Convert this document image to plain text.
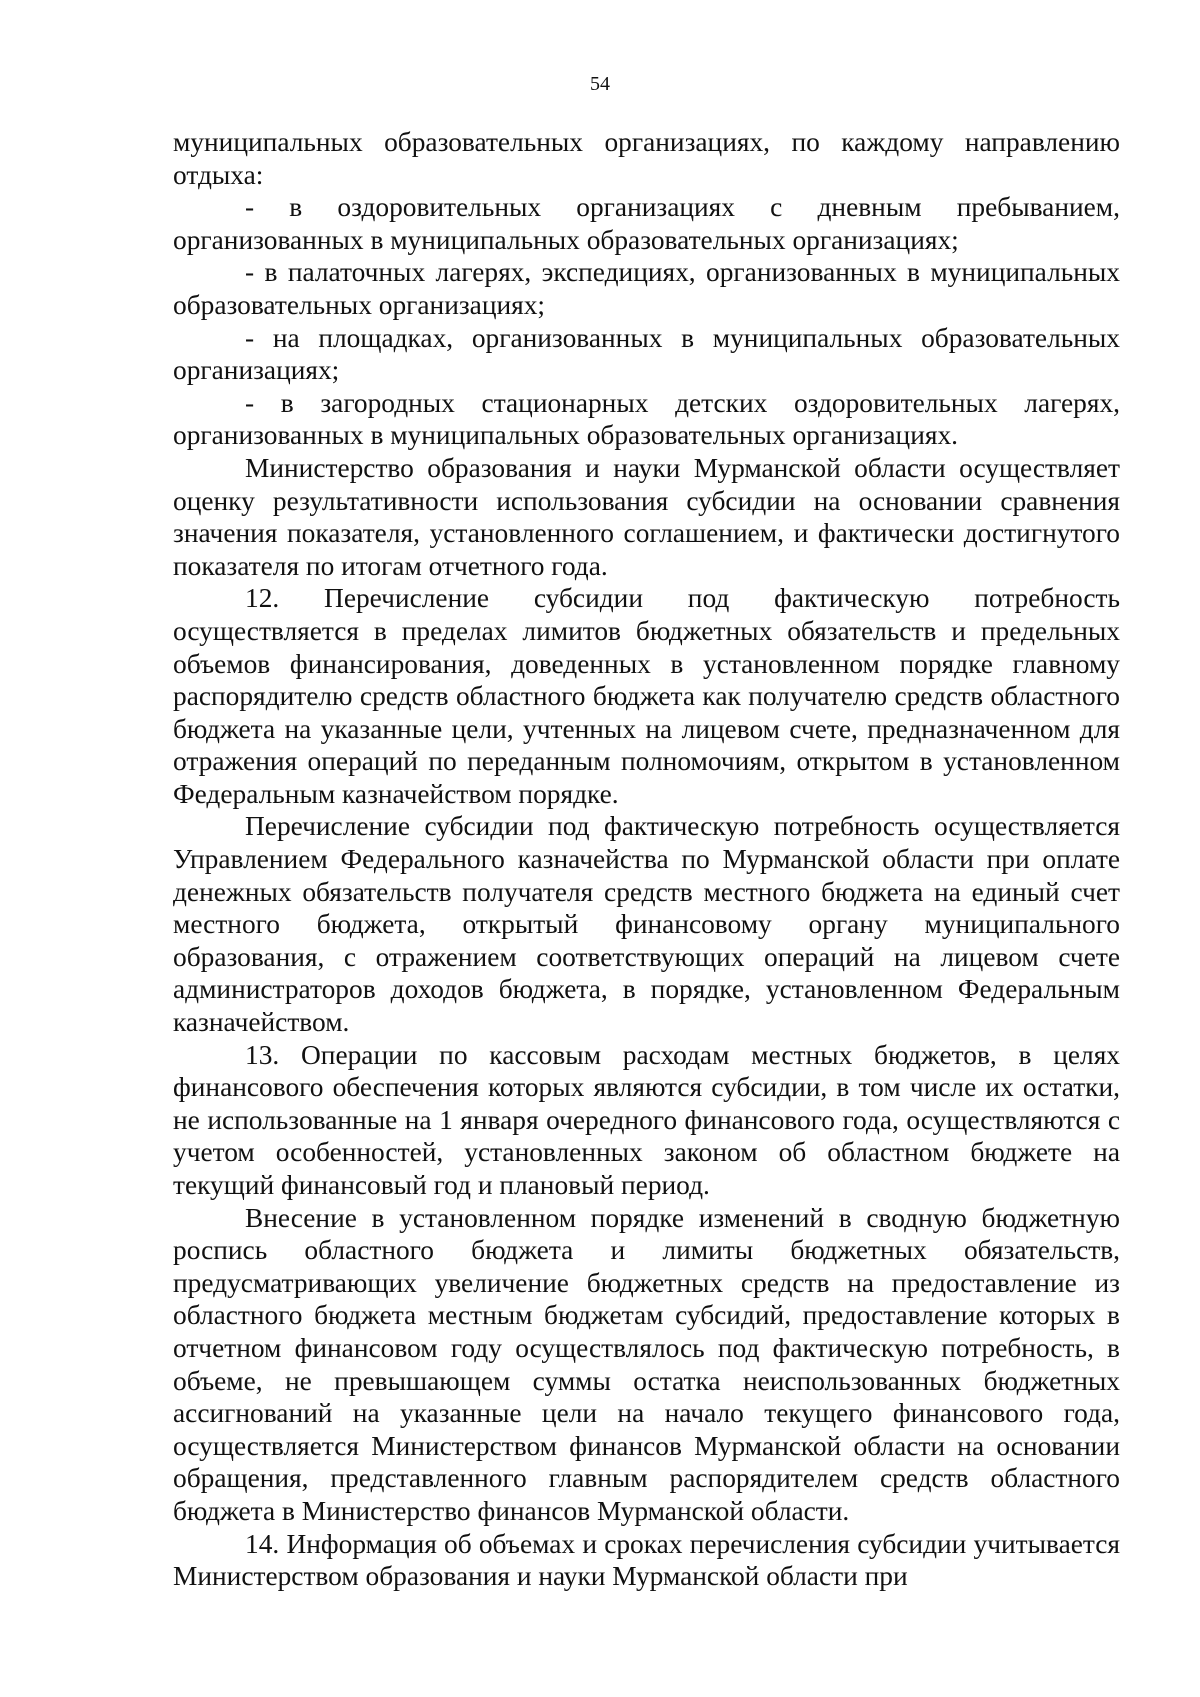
54

муниципальных образовательных организациях, по каждому направлению отдыха:

- в оздоровительных организациях с дневным пребыванием, организованных в муниципальных образовательных организациях;

- в палаточных лагерях, экспедициях, организованных в муниципальных образовательных организациях;

- на площадках, организованных в муниципальных образовательных организациях;

- в загородных стационарных детских оздоровительных лагерях, организованных в муниципальных образовательных организациях.

Министерство образования и науки Мурманской области осуществляет оценку результативности использования субсидии на основании сравнения значения показателя, установленного соглашением, и фактически достигнутого показателя по итогам отчетного года.

12. Перечисление субсидии под фактическую потребность осуществляется в пределах лимитов бюджетных обязательств и предельных объемов финансирования, доведенных в установленном порядке главному распорядителю средств областного бюджета как получателю средств областного бюджета на указанные цели, учтенных на лицевом счете, предназначенном для отражения операций по переданным полномочиям, открытом в установленном Федеральным казначейством порядке.

Перечисление субсидии под фактическую потребность осуществляется Управлением Федерального казначейства по Мурманской области при оплате денежных обязательств получателя средств местного бюджета на единый счет местного бюджета, открытый финансовому органу муниципального образования, с отражением соответствующих операций на лицевом счете администраторов доходов бюджета, в порядке, установленном Федеральным казначейством.

13. Операции по кассовым расходам местных бюджетов, в целях финансового обеспечения которых являются субсидии, в том числе их остатки, не использованные на 1 января очередного финансового года, осуществляются с учетом особенностей, установленных законом об областном бюджете на текущий финансовый год и плановый период.

Внесение в установленном порядке изменений в сводную бюджетную роспись областного бюджета и лимиты бюджетных обязательств, предусматривающих увеличение бюджетных средств на предоставление из областного бюджета местным бюджетам субсидий, предоставление которых в отчетном финансовом году осуществлялось под фактическую потребность, в объеме, не превышающем суммы остатка неиспользованных бюджетных ассигнований на указанные цели на начало текущего финансового года, осуществляется Министерством финансов Мурманской области на основании обращения, представленного главным распорядителем средств областного бюджета в Министерство финансов Мурманской области.

14. Информация об объемах и сроках перечисления субсидии учитывается Министерством образования и науки Мурманской области при
